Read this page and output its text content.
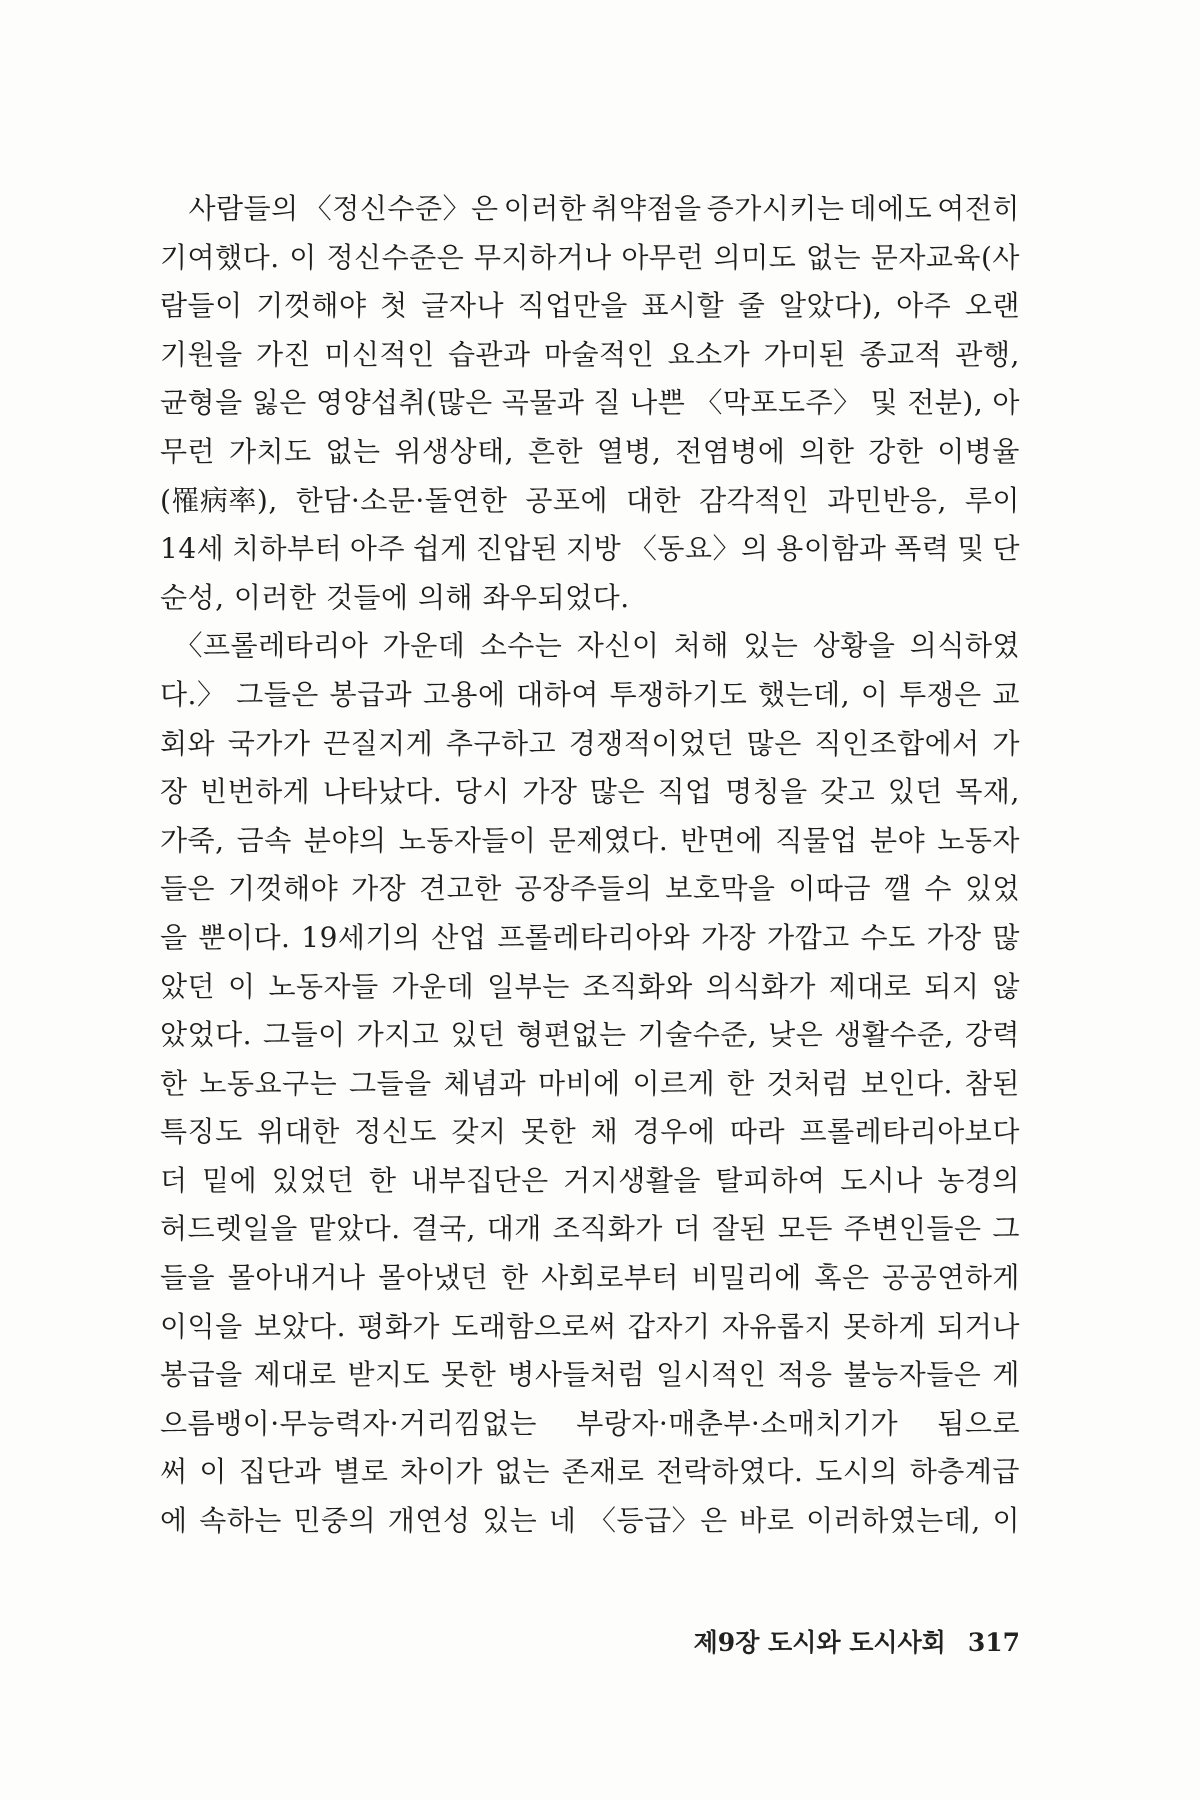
　사람들의 〈정신수준〉은 이러한 취약점을 증가시키는 데에도 여전히
기여했다. 이 정신수준은 무지하거나 아무런 의미도 없는 문자교육(사
람들이 기껏해야 첫 글자나 직업만을 표시할 줄 알았다), 아주 오랜
기원을 가진 미신적인 습관과 마술적인 요소가 가미된 종교적 관행,
균형을 잃은 영양섭취(많은 곡물과 질 나쁜 〈막포도주〉 및 전분), 아
무런 가치도 없는 위생상태, 흔한 열병, 전염병에 의한 강한 이병율
(罹病率), 한담·소문·돌연한 공포에 대한 감각적인 과민반응, 루이
14세 치하부터 아주 쉽게 진압된 지방 〈동요〉의 용이함과 폭력 및 단
순성, 이러한 것들에 의해 좌우되었다.
　〈프롤레타리아 가운데 소수는 자신이 처해 있는 상황을 의식하였
다.〉 그들은 봉급과 고용에 대하여 투쟁하기도 했는데, 이 투쟁은 교
회와 국가가 끈질지게 추구하고 경쟁적이었던 많은 직인조합에서 가
장 빈번하게 나타났다. 당시 가장 많은 직업 명칭을 갖고 있던 목재,
가죽, 금속 분야의 노동자들이 문제였다. 반면에 직물업 분야 노동자
들은 기껏해야 가장 견고한 공장주들의 보호막을 이따금 깰 수 있었
을 뿐이다. 19세기의 산업 프롤레타리아와 가장 가깝고 수도 가장 많
았던 이 노동자들 가운데 일부는 조직화와 의식화가 제대로 되지 않
았었다. 그들이 가지고 있던 형편없는 기술수준, 낮은 생활수준, 강력
한 노동요구는 그들을 체념과 마비에 이르게 한 것처럼 보인다. 참된
특징도 위대한 정신도 갖지 못한 채 경우에 따라 프롤레타리아보다
더 밑에 있었던 한 내부집단은 거지생활을 탈피하여 도시나 농경의
허드렛일을 맡았다. 결국, 대개 조직화가 더 잘된 모든 주변인들은 그
들을 몰아내거나 몰아냈던 한 사회로부터 비밀리에 혹은 공공연하게
이익을 보았다. 평화가 도래함으로써 갑자기 자유롭지 못하게 되거나
봉급을 제대로 받지도 못한 병사들처럼 일시적인 적응 불능자들은 게
으름뱅이·무능력자·거리낌없는 부랑자·매춘부·소매치기가 됨으로
써 이 집단과 별로 차이가 없는 존재로 전락하였다. 도시의 하층계급
에 속하는 민중의 개연성 있는 네 〈등급〉은 바로 이러하였는데, 이
제9장 도시와 도시사회 317
